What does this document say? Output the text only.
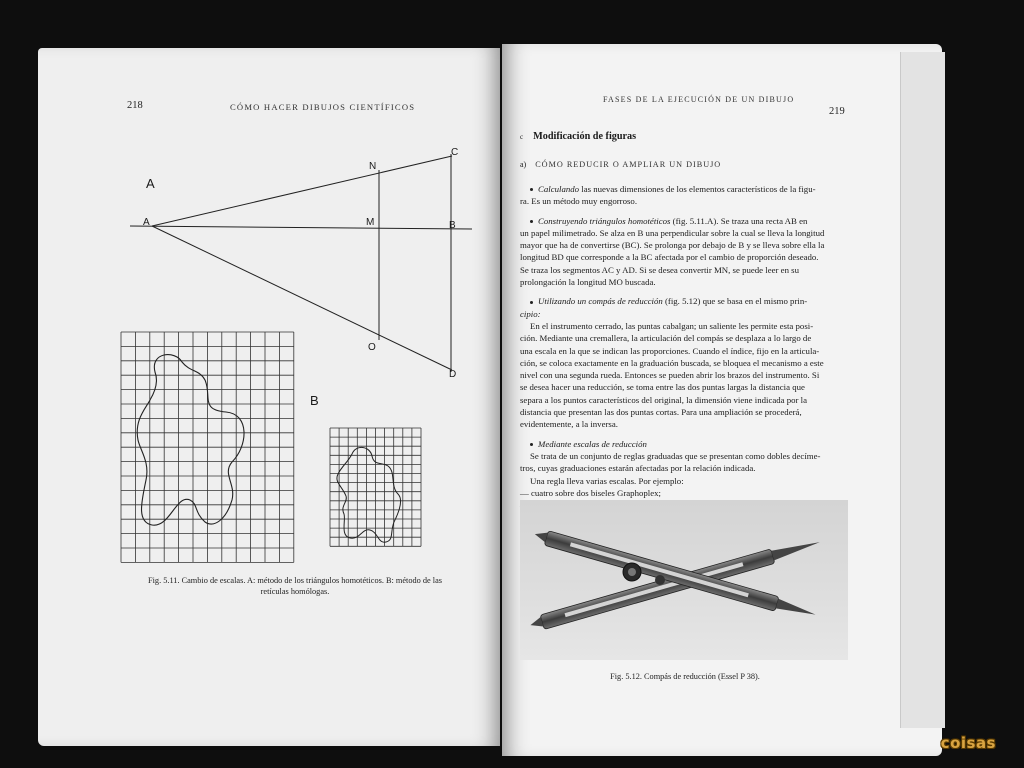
218	CÓMO HACER DIBUJOS CIENTÍFICOS
A
B
A	M
N
B
C
O
D
Fig. 5.11. Cambio de escalas. A: método de los triángulos homotéticos. B: método de las
retículas homólogas.
FASES DE LA EJECUCIÓN DE UN DIBUJO
219
c Modificación de figuras
a) CÓMO REDUCIR O AMPLIAR UN DIBUJO

Calculando las nuevas dimensiones de los elementos característicos de la figu-

ra. Es un método muy engorroso.

Construyendo triángulos homotéticos (fig. 5.11.A). Se traza una recta AB en

un papel milimetrado. Se alza en B una perpendicular sobre la cual se lleva la longitud

mayor que ha de convertirse (BC). Se prolonga por debajo de B y se lleva sobre ella la

longitud BD que corresponde a la BC afectada por el cambio de proporción deseado.

Se traza los segmentos AC y AD. Si se desea convertir MN, se puede leer en su

prolongación la longitud MO buscada.

Utilizando un compás de reducción (fig. 5.12) que se basa en el mismo prin-

cipio:

En el instrumento cerrado, las puntas cabalgan; un saliente les permite esta posi-

ción. Mediante una cremallera, la articulación del compás se desplaza a lo largo de

una escala en la que se indican las proporciones. Cuando el índice, fijo en la articula-

ción, se coloca exactamente en la graduación buscada, se bloquea el mecanismo a este

nivel con una segunda rueda. Entonces se pueden abrir los brazos del instrumento. Si

se desea hacer una reducción, se toma entre las dos puntas largas la distancia que

separa a los puntos característicos del original, la dimensión viene indicada por la

distancia que presentan las dos puntas cortas. Para una ampliación se procederá,

evidentemente, a la inversa.

Mediante escalas de reducción

Se trata de un conjunto de reglas graduadas que se presentan como dobles decíme-

tros, cuyas graduaciones estarán afectadas por la relación indicada.

Una regla lleva varias escalas. Por ejemplo:

— cuatro sobre dos biseles Graphoplex;

Fig. 5.12. Compás de reducción (Essel P 38).
coisas
